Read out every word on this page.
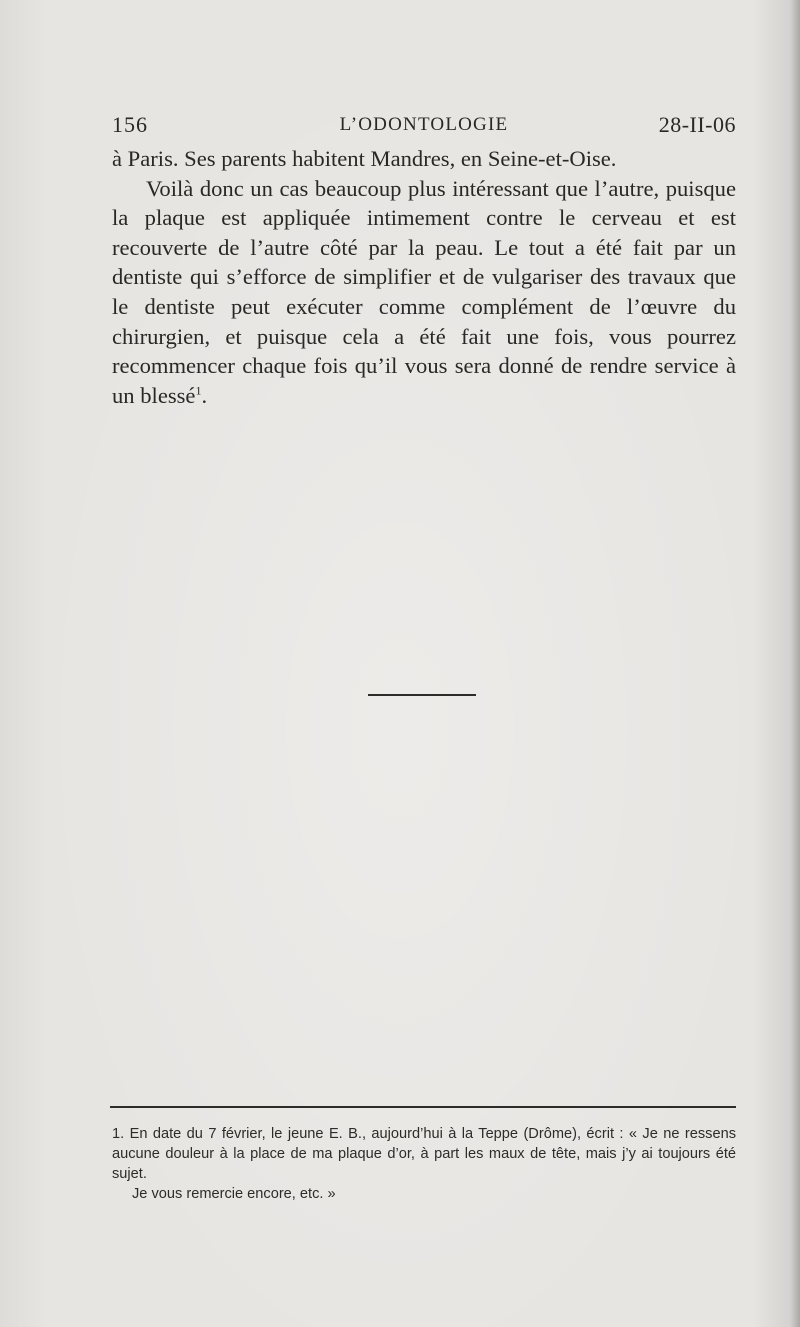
156	L’ODONTOLOGIE	28-II-06

à Paris. Ses parents habitent Mandres, en Seine-et-Oise.

Voilà donc un cas beaucoup plus intéressant que l’autre, puisque la plaque est appliquée intimement contre le cerveau et est recouverte de l’autre côté par la peau. Le tout a été fait par un dentiste qui s’efforce de simplifier et de vulgariser des travaux que le dentiste peut exécuter comme complément de l’œuvre du chirurgien, et puisque cela a été fait une fois, vous pourrez recommencer chaque fois qu’il vous sera donné de rendre service à un blessé$^1$.

1. En date du 7 février, le jeune E. B., aujourd’hui à la Teppe (Drôme), écrit : « Je ne ressens aucune douleur à la place de ma plaque d’or, à part les maux de tête, mais j’y ai toujours été sujet.

Je vous remercie encore, etc. »
